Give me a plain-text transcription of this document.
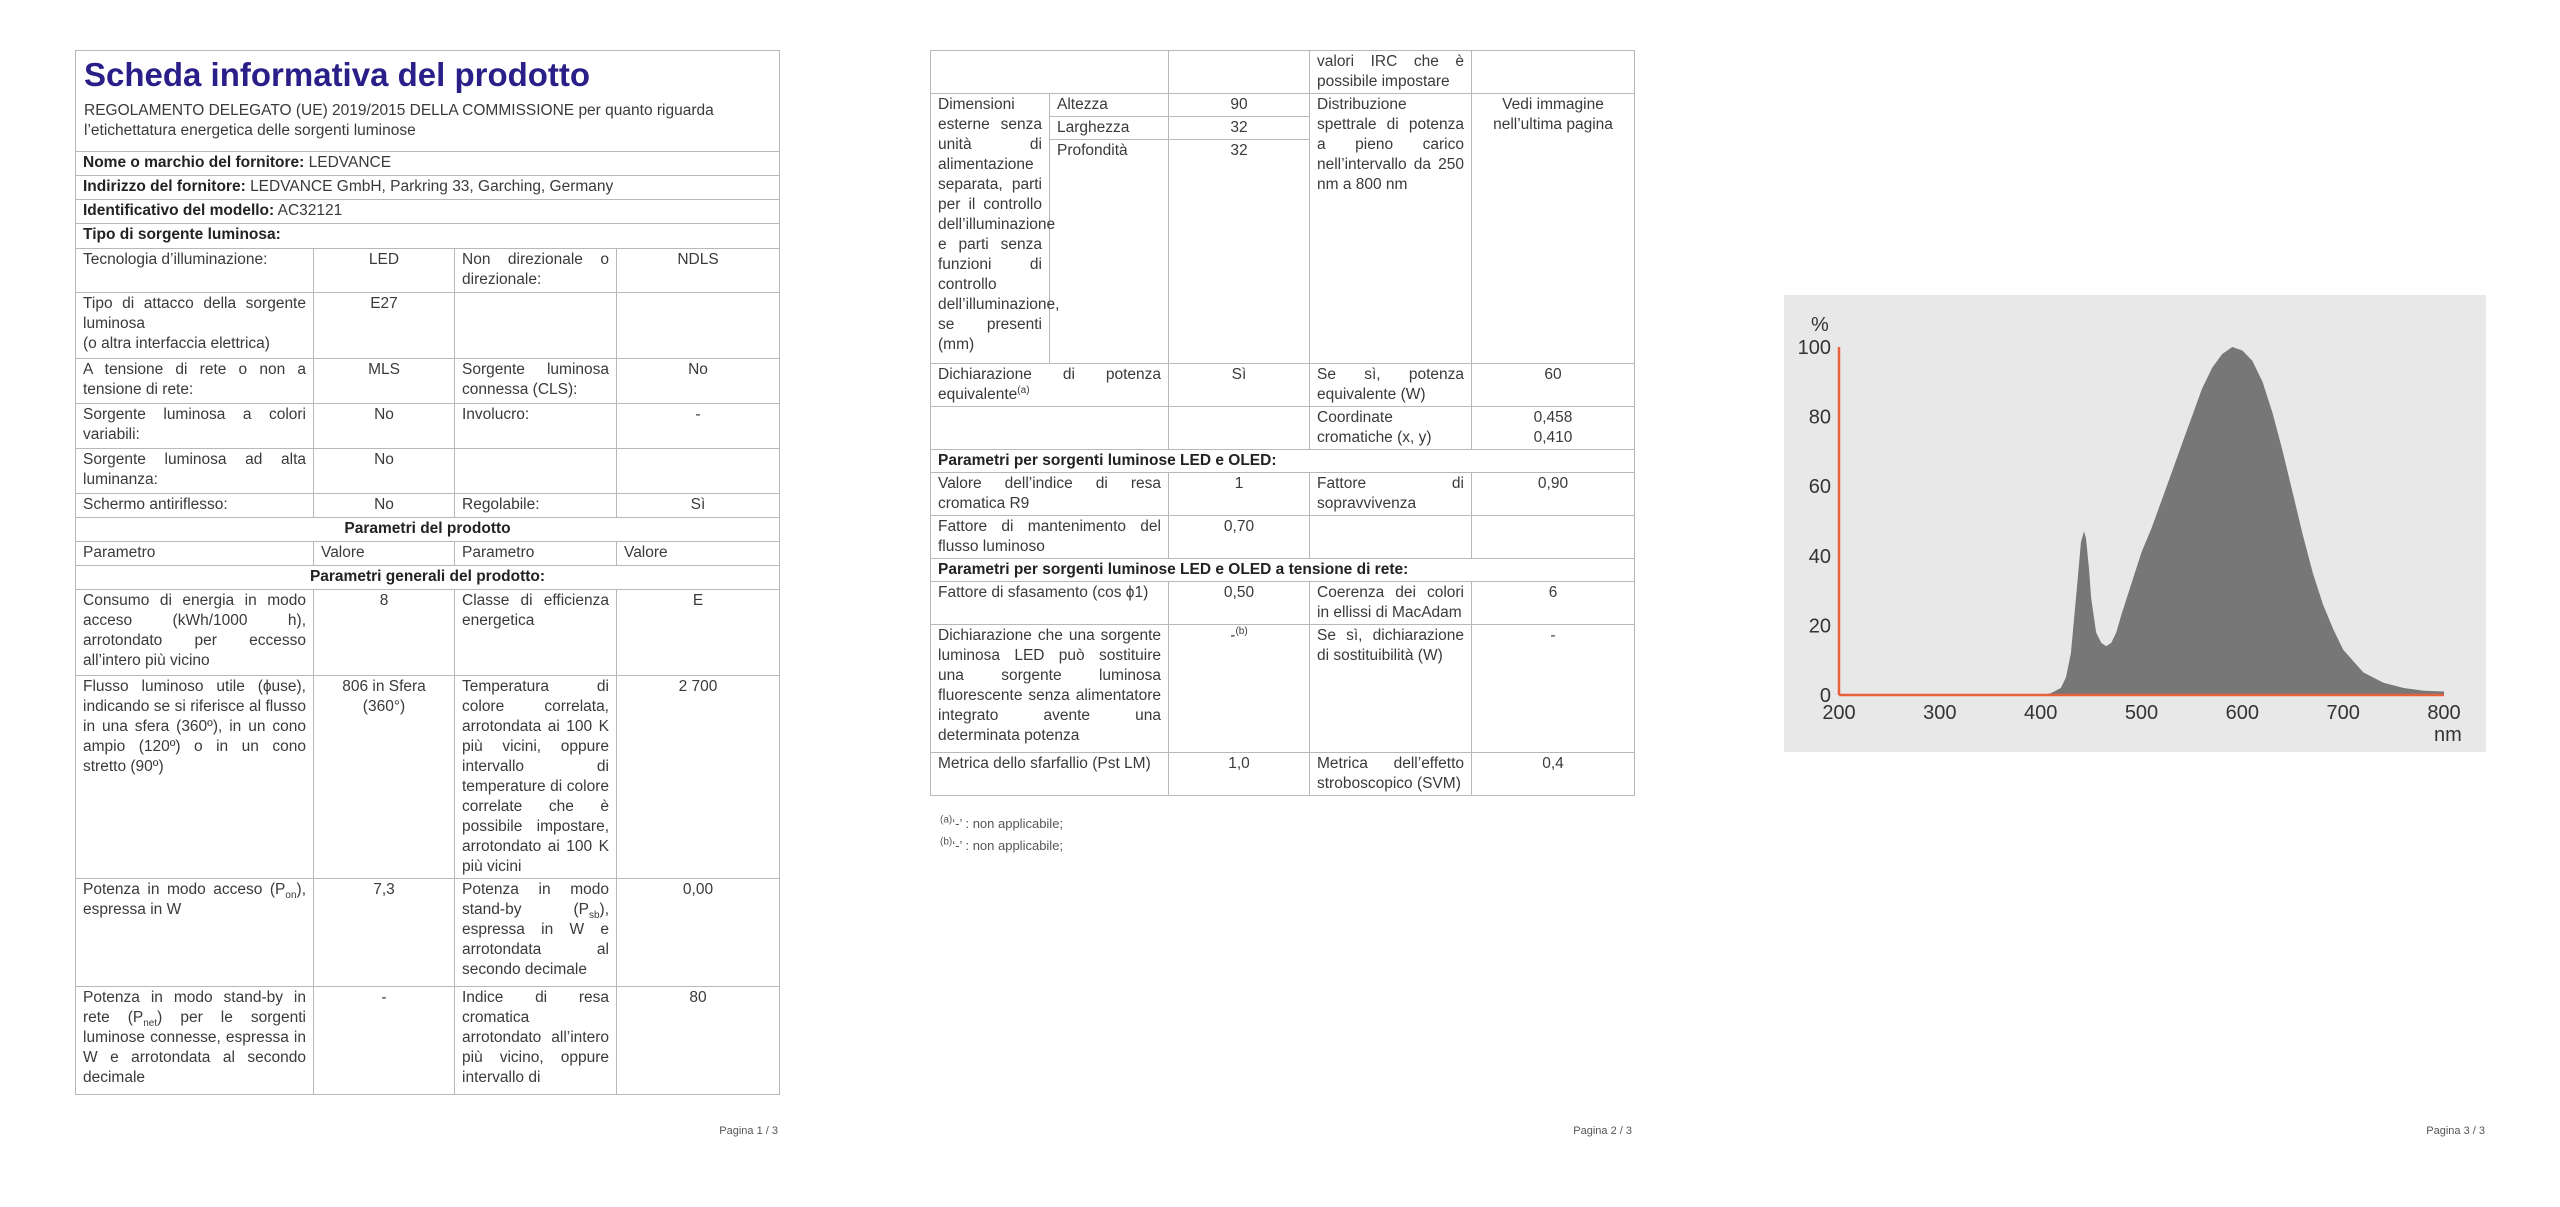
Scheda informativa del prodotto
REGOLAMENTO DELEGATO (UE) 2019/2015 DELLA COMMISSIONE per quanto riguarda l’etichettatura energetica delle sorgenti luminose			

Nome o marchio del fornitore: LEDVANCE			
Indirizzo del fornitore: LEDVANCE GmbH, Parkring 33, Garching, Germany			
Identificativo del modello: AC32121			
Tipo di sorgente luminosa:			
Tecnologia d’illuminazione:	LED	Non direzionale o direzionale:	NDLS

Tipo di attacco della sorgente luminosa
(o altra interfaccia elettrica)	E27		
A tensione di rete o non a tensione di rete:	MLS	Sorgente luminosa connessa (CLS):	No
Sorgente luminosa a colori variabili:	No	Involucro:	-
Sorgente luminosa ad alta luminanza:	No		
Schermo antiriflesso:	No	Regolabile:	Sì
Parametri del prodotto			
Parametro	Valore	Parametro	Valore
Parametri generali del prodotto:			
Consumo di energia in modo acceso (kWh/1000 h), arrotondato per eccesso all’intero più vicino	8	Classe di efficienza energetica	E
Flusso luminoso utile (ϕuse), indicando se si riferisce al flusso in una sfera (360º), in un cono ampio (120º) o in un cono stretto (90º)	806 in Sfera (360°)	Temperatura di colore correlata, arrotondata ai 100 K più vicini, oppure intervallo di temperature di colore correlate che è possibile impostare, arrotondato ai 100 K più vicini	2 700
Potenza in modo acceso $(P_{on})$, espressa in W	7,3	Potenza in modo stand-by $(P_{sb})$, espressa in W e arrotondata al secondo decimale	0,00
Potenza in modo stand-by in rete $(P_{net})$ per le sorgenti luminose connesse, espressa in W e arrotondata al secondo decimale	-	Indice di resa cromatica arrotondato all’intero più vicino, oppure intervallo di	80
Pagina 1 / 3	Pagina 2 / 3
			valori IRC che è possibile impostare	
Dimensioni esterne senza unità di alimentazione separata, parti per il controllo dell’illuminazione e parti senza funzioni di controllo dell’illuminazione, se presenti (mm)	Altezza	90	Distribuzione spettrale di potenza a pieno carico nell’intervallo da 250 nm a 800 nm	Vedi immagine nell’ultima pagina
	Larghezza	32		
	Profondità	32		
Dichiarazione di potenza equivalente$^{(a)}$		Sì	Se sì, potenza equivalente (W)	60
			Coordinate cromatiche (x, y)	0,458
0,410

Parametri per sorgenti luminose LED e OLED:				
Valore dell’indice di resa cromatica R9		1	Fattore di sopravvivenza	0,90
Fattore di mantenimento del flusso luminoso		0,70		
Parametri per sorgenti luminose LED e OLED a tensione di rete:				
Fattore di sfasamento (cos ϕ1)		0,50	Coerenza dei colori in ellissi di MacAdam	6
Dichiarazione che una sorgente luminosa LED può sostituire una sorgente luminosa fluorescente senza alimentatore integrato avente una determinata potenza		-$^{(b)}$	Se sì, dichiarazione di sostituibilità (W)	-
Metrica dello sfarfallio (Pst LM)		1,0	Metrica dell’effetto stroboscopico (SVM)	0,4
$^{(a)}$‘-’ : non applicabile;
$^{(b)}$‘-’ : non applicabile;
Pagina 3 / 3
0
20
40
60
80
100
200	300	400	500	600	700	800
%
nm
